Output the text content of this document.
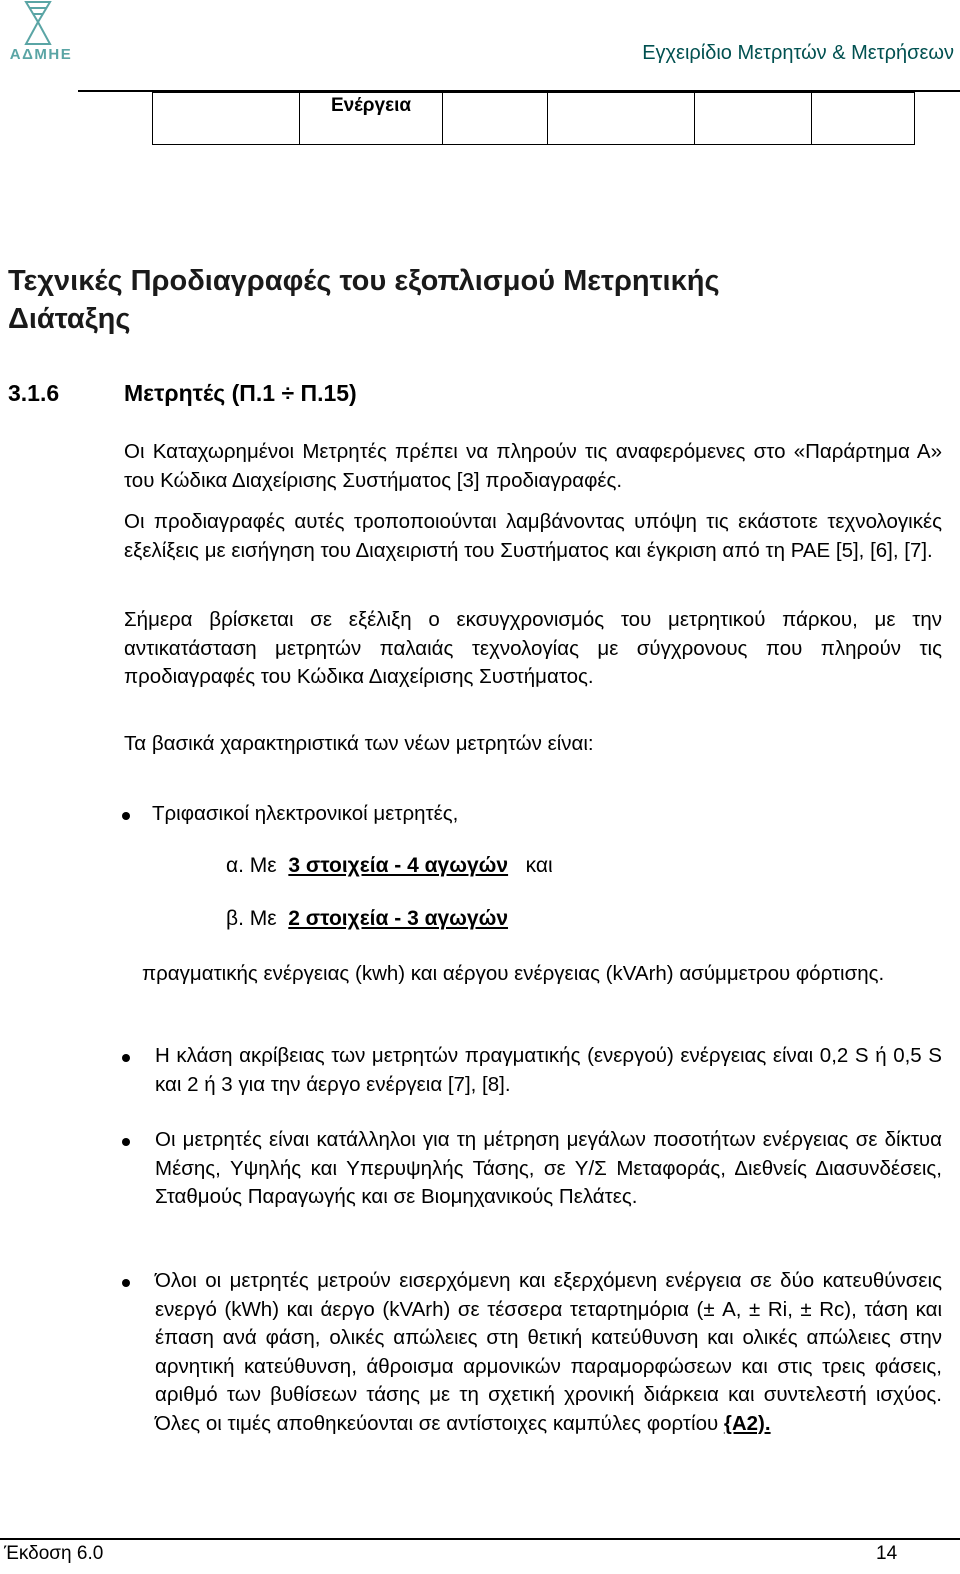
ΑΔΜΗΕ	Εγχειρίδιο Μετρητών & Μετρήσεων
	Ενέργεια				
Τεχνικές Προδιαγραφές του εξοπλισμού Μετρητικής Διάταξης
3.1.6	Μετρητές (Π.1 ÷ Π.15)
Οι Καταχωρημένοι Μετρητές πρέπει να πληρούν τις αναφερόμενες στο «Παράρτημα Α» του Κώδικα Διαχείρισης Συστήματος [3] προδιαγραφές.
Οι προδιαγραφές αυτές τροποποιούνται λαμβάνοντας υπόψη τις εκάστοτε τεχνολογικές εξελίξεις με εισήγηση του Διαχειριστή του Συστήματος και έγκριση από τη ΡΑΕ [5], [6], [7].
Σήμερα βρίσκεται σε εξέλιξη ο εκσυγχρονισμός του μετρητικού πάρκου, με την αντικατάσταση μετρητών παλαιάς τεχνολογίας με σύγχρονους που πληρούν τις προδιαγραφές του Κώδικα Διαχείρισης Συστήματος.
Τα βασικά χαρακτηριστικά των νέων μετρητών είναι:
Τριφασικοί ηλεκτρονικοί μετρητές,
α. Με 3 στοιχεία - 4 αγωγών και
β. Με 2 στοιχεία - 3 αγωγών
πραγματικής ενέργειας (kwh) και αέργου ενέργειας (kVArh) ασύμμετρου φόρτισης.
Η κλάση ακρίβειας των μετρητών πραγματικής (ενεργού) ενέργειας είναι 0,2 S ή 0,5 S και 2 ή 3 για την άεργο ενέργεια [7], [8].
Οι μετρητές είναι κατάλληλοι για τη μέτρηση μεγάλων ποσοτήτων ενέργειας σε δίκτυα Μέσης, Υψηλής και Υπερυψηλής Τάσης, σε Υ/Σ Μεταφοράς, Διεθνείς Διασυνδέσεις, Σταθμούς Παραγωγής και σε Βιομηχανικούς Πελάτες.
Όλοι οι μετρητές μετρούν εισερχόμενη και εξερχόμενη ενέργεια σε δύο κατευθύνσεις ενεργό (kWh) και άεργο (kVArh) σε τέσσερα τεταρτημόρια (± A, ± Ri, ± Rc), τάση και έπαση ανά φάση, ολικές απώλειες στη θετική κατεύθυνση και ολικές απώλειες στην αρνητική κατεύθυνση, άθροισμα αρμονικών παραμορφώσεων και στις τρεις φάσεις, αριθμό των βυθίσεων τάσης με τη σχετική χρονική διάρκεια και συντελεστή ισχύος. Όλες οι τιμές αποθηκεύονται σε αντίστοιχες καμπύλες φορτίου {A2).
Έκδοση 6.0	14
